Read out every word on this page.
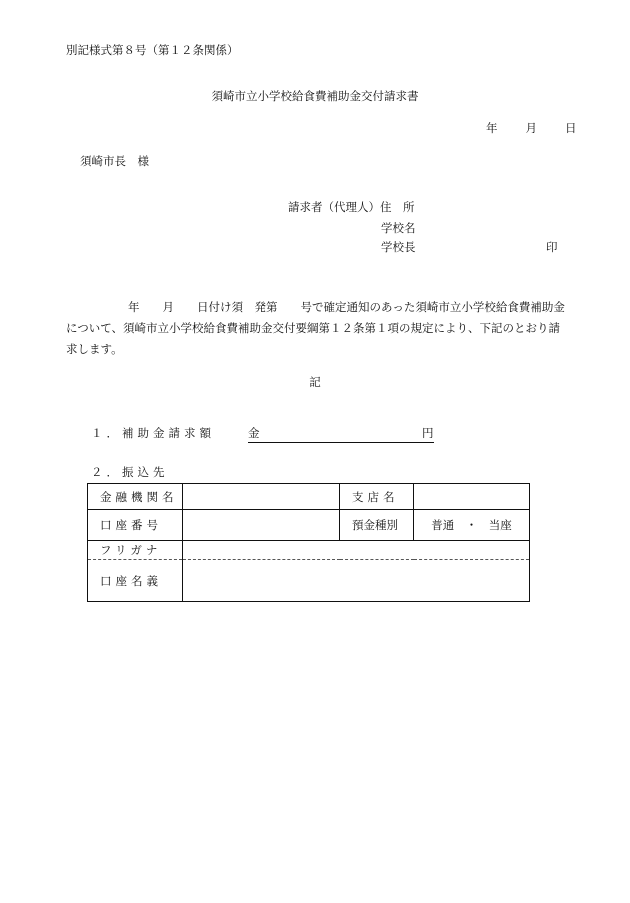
別記様式第８号（第１２条関係）
須崎市立小学校給食費補助金交付請求書
年 月 日
須崎市長　様
請求者（代理人）住　所
学校名
学校長	印
年　　月　　日付け須　発第　　号で確定通知のあった須崎市立小学校給食費補助金について、須崎市立小学校給食費補助金交付要綱第１２条第１項の規定により、下記のとおり請求します。
記
１．補助金請求額	金	円
２．振込先
金融機関名		支店名	
口座番号		預金種別	普通　・　当座
フリガナ			
口座名義			
